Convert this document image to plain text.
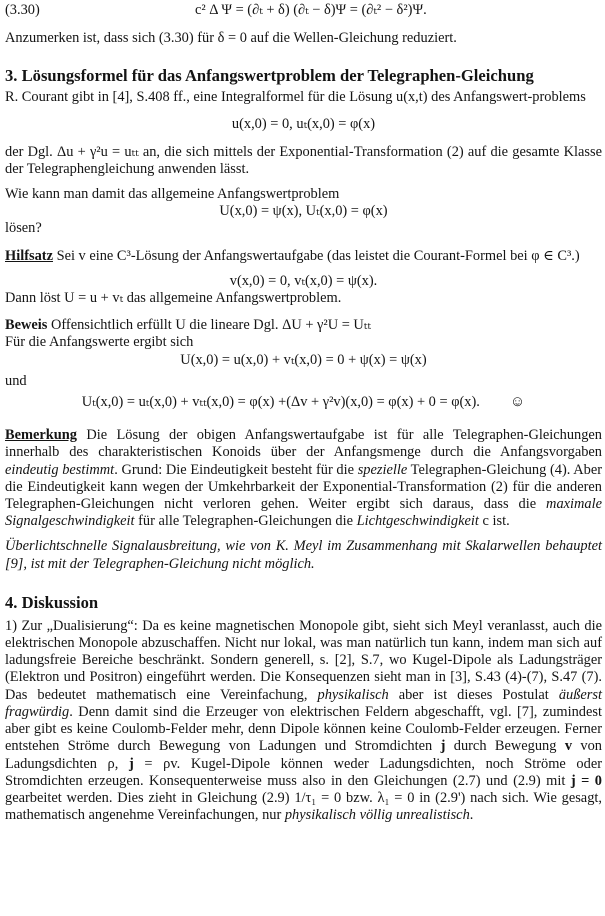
(3.30)	c² Δ Ψ = (∂ₜ + δ) (∂ₜ − δ)Ψ = (∂ₜ² − δ²)Ψ.

Anzumerken ist, dass sich (3.30) für δ = 0 auf die Wellen-Gleichung reduziert.

3. Lösungsformel für das Anfangswertproblem der Telegraphen-Gleichung

R. Courant gibt in [4], S.408 ff., eine Integralformel für die Lösung u(x,t) des Anfangswert-problems

u(x,0) = 0, uₜ(x,0) = φ(x)

der Dgl. Δu + γ²u = uₜₜ an, die sich mittels der Exponential-Transformation (2) auf die gesamte Klasse der Telegraphengleichung anwenden lässt.

Wie kann man damit das allgemeine Anfangswertproblem

U(x,0) = ψ(x), Uₜ(x,0) = φ(x)

lösen?

Hilfsatz Sei v eine C³-Lösung der Anfangswertaufgabe (das leistet die Courant-Formel bei φ ∈ C³.)

v(x,0) = 0, vₜ(x,0) = ψ(x).

Dann löst U = u + vₜ das allgemeine Anfangswertproblem.

Beweis Offensichtlich erfüllt U die lineare Dgl. ΔU + γ²U = Uₜₜ

Für die Anfangswerte ergibt sich

U(x,0) = u(x,0) + vₜ(x,0) = 0 + ψ(x) = ψ(x)

und

Uₜ(x,0) = uₜ(x,0) + vₜₜ(x,0) = φ(x) +(Δv + γ²v)(x,0) = φ(x) + 0 = φ(x). ☺

Bemerkung Die Lösung der obigen Anfangswertaufgabe ist für alle Telegraphen-Gleichungen innerhalb des charakteristischen Konoids über der Anfangsmenge durch die Anfangsvorgaben eindeutig bestimmt. Grund: Die Eindeutigkeit besteht für die spezielle Telegraphen-Gleichung (4). Aber die Eindeutigkeit kann wegen der Umkehrbarkeit der Exponential-Transformation (2) für die anderen Telegraphen-Gleichungen nicht verloren gehen. Weiter ergibt sich daraus, dass die maximale Signalgeschwindigkeit für alle Telegraphen-Gleichungen die Lichtgeschwindigkeit c ist.

Überlichtschnelle Signalausbreitung, wie von K. Meyl im Zusammenhang mit Skalarwellen behauptet [9], ist mit der Telegraphen-Gleichung nicht möglich.

4. Diskussion

1) Zur „Dualisierung“: Da es keine magnetischen Monopole gibt, sieht sich Meyl veranlasst, auch die elektrischen Monopole abzuschaffen. Nicht nur lokal, was man natürlich tun kann, indem man sich auf ladungsfreie Bereiche beschränkt. Sondern generell, s. [2], S.7, wo Kugel-Dipole als Ladungsträger (Elektron und Positron) eingeführt werden. Die Konsequenzen sieht man in [3], S.43 (4)-(7), S.47 (7). Das bedeutet mathematisch eine Vereinfachung, physikalisch aber ist dieses Postulat äußerst fragwürdig. Denn damit sind die Erzeuger von elektrischen Feldern abgeschafft, vgl. [7], zumindest aber gibt es keine Coulomb-Felder mehr, denn Dipole können keine Coulomb-Felder erzeugen. Ferner entstehen Ströme durch Bewegung von Ladungen und Stromdichten j durch Bewegung v von Ladungsdichten ρ, j = ρv. Kugel-Dipole können weder Ladungsdichten, noch Ströme oder Stromdichten erzeugen. Konsequenterweise muss also in den Gleichungen (2.7) und (2.9) mit j = 0 gearbeitet werden. Dies zieht in Gleichung (2.9) 1/τ₁ = 0 bzw. λ₁ = 0 in (2.9') nach sich. Wie gesagt, mathematisch angenehme Vereinfachungen, nur physikalisch völlig unrealistisch.
